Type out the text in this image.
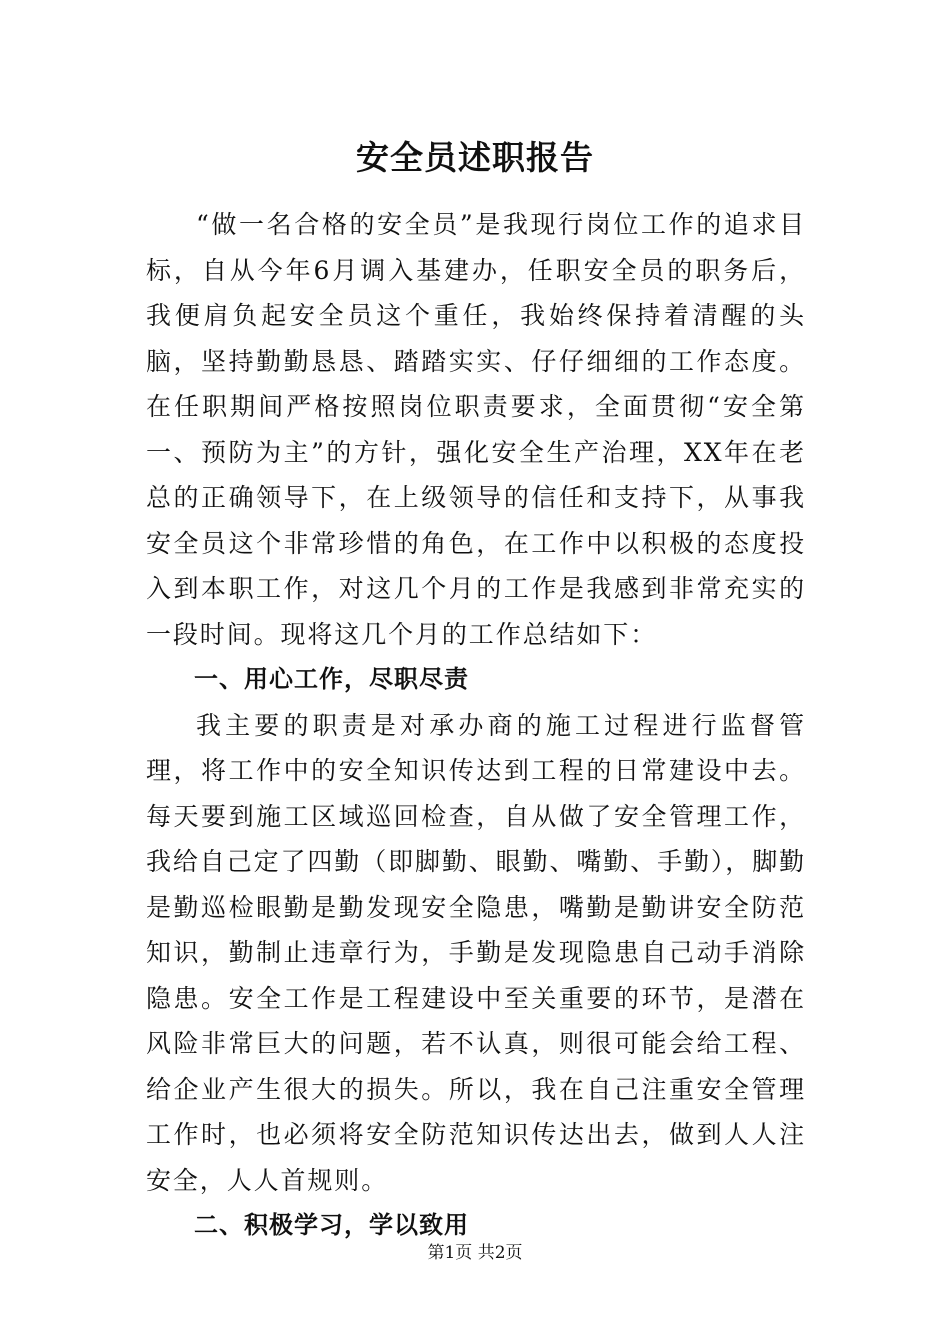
安全员述职报告

“做一名合格的安全员”是我现行岗位工作的追求目标，自从今年6月调入基建办，任职安全员的职务后，我便肩负起安全员这个重任，我始终保持着清醒的头脑，坚持勤勤恳恳、踏踏实实、仔仔细细的工作态度。在任职期间严格按照岗位职责要求，全面贯彻“安全第一、预防为主”的方针，强化安全生产治理，XX年在老总的正确领导下，在上级领导的信任和支持下，从事我安全员这个非常珍惜的角色，在工作中以积极的态度投入到本职工作，对这几个月的工作是我感到非常充实的一段时间。现将这几个月的工作总结如下：

一、用心工作，尽职尽责

我主要的职责是对承办商的施工过程进行监督管理，将工作中的安全知识传达到工程的日常建设中去。每天要到施工区域巡回检查，自从做了安全管理工作，我给自己定了四勤（即脚勤、眼勤、嘴勤、手勤），脚勤是勤巡检眼勤是勤发现安全隐患，嘴勤是勤讲安全防范知识，勤制止违章行为，手勤是发现隐患自己动手消除隐患。安全工作是工程建设中至关重要的环节，是潜在风险非常巨大的问题，若不认真，则很可能会给工程、给企业产生很大的损失。所以，我在自己注重安全管理工作时，也必须将安全防范知识传达出去，做到人人注安全，人人首规则。

二、积极学习，学以致用

第1页 共2页
